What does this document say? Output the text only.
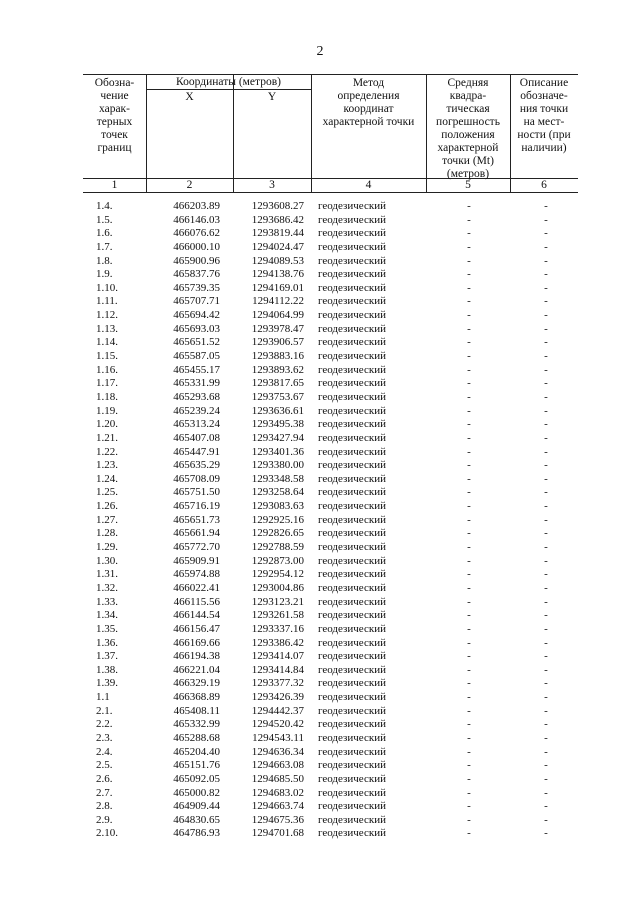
2
Обозна-
чение
харак-
терных
точек
границ
Координаты (метров)
X	Y
Метод
определения
координат
характерной точки
Средняя
квадра-
тическая
погрешность
положения
характерной
точки (Mt)
(метров)
Описание
обозначе-
ния точки
на мест-
ности (при
наличии)
1	2	3	4	5	6
1.4.	466203.89	1293608.27 геодезический	-	-
1.5.	466146.03	1293686.42 геодезический	-	-
1.6.	466076.62	1293819.44 геодезический	-	-
1.7.	466000.10	1294024.47 геодезический	-	-
1.8.	465900.96	1294089.53 геодезический	-	-
1.9.	465837.76	1294138.76 геодезический	-	-
1.10.	465739.35	1294169.01 геодезический	-	-
1.11.	465707.71	1294112.22 геодезический	-	-
1.12.	465694.42	1294064.99 геодезический	-	-
1.13.	465693.03	1293978.47 геодезический	-	-
1.14.	465651.52	1293906.57 геодезический	-	-
1.15.	465587.05	1293883.16 геодезический	-	-
1.16.	465455.17	1293893.62 геодезический	-	-
1.17.	465331.99	1293817.65 геодезический	-	-
1.18.	465293.68	1293753.67 геодезический	-	-
1.19.	465239.24	1293636.61 геодезический	-	-
1.20.	465313.24	1293495.38 геодезический	-	-
1.21.	465407.08	1293427.94 геодезический	-	-
1.22.	465447.91	1293401.36 геодезический	-	-
1.23.	465635.29	1293380.00 геодезический	-	-
1.24.	465708.09	1293348.58 геодезический	-	-
1.25.	465751.50	1293258.64 геодезический	-	-
1.26.	465716.19	1293083.63 геодезический	-	-
1.27.	465651.73	1292925.16 геодезический	-	-
1.28.	465661.94	1292826.65 геодезический	-	-
1.29.	465772.70	1292788.59 геодезический	-	-
1.30.	465909.91	1292873.00 геодезический	-	-
1.31.	465974.88	1292954.12 геодезический	-	-
1.32.	466022.41	1293004.86 геодезический	-	-
1.33.	466115.56	1293123.21 геодезический	-	-
1.34.	466144.54	1293261.58 геодезический	-	-
1.35.	466156.47	1293337.16 геодезический	-	-
1.36.	466169.66	1293386.42 геодезический	-	-
1.37.	466194.38	1293414.07 геодезический	-	-
1.38.	466221.04	1293414.84 геодезический	-	-
1.39.	466329.19	1293377.32 геодезический	-	-
1.1	466368.89	1293426.39 геодезический	-	-
2.1.	465408.11	1294442.37 геодезический	-	-
2.2.	465332.99	1294520.42 геодезический	-	-
2.3.	465288.68	1294543.11 геодезический	-	-
2.4.	465204.40	1294636.34 геодезический	-	-
2.5.	465151.76	1294663.08 геодезический	-	-
2.6.	465092.05	1294685.50 геодезический	-	-
2.7.	465000.82	1294683.02 геодезический	-	-
2.8.	464909.44	1294663.74 геодезический	-	-
2.9.	464830.65	1294675.36 геодезический	-	-
2.10.	464786.93	1294701.68 геодезический	-	-
